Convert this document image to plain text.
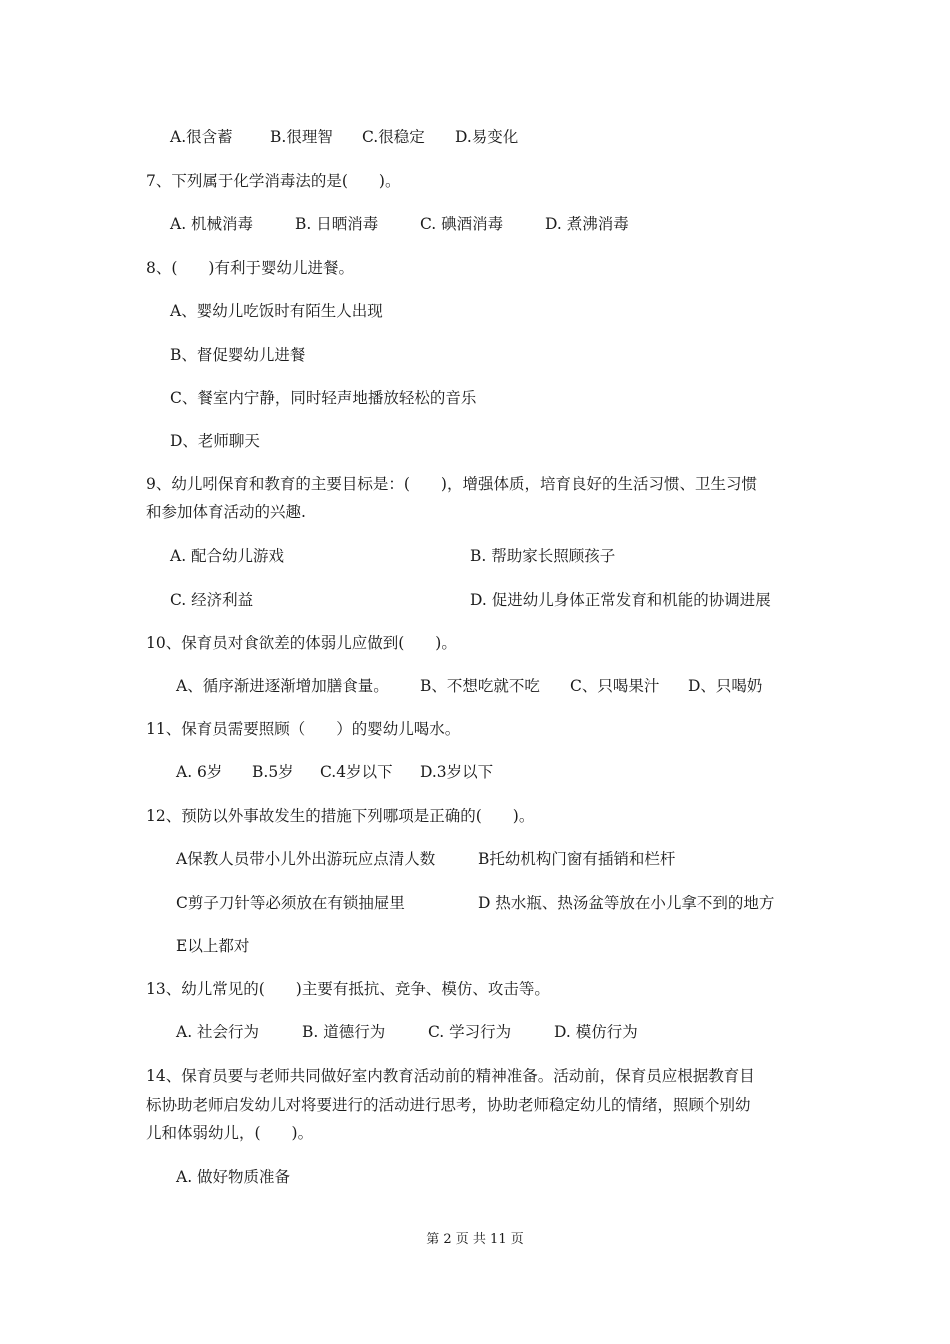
A.很含蓄 B.很理智 C.很稳定 D.易变化
7、下列属于化学消毒法的是(　　)。
A. 机械消毒	B. 日晒消毒	C. 碘酒消毒	D. 煮沸消毒
8、(　　)有利于婴幼儿进餐。
A、婴幼儿吃饭时有陌生人出现
B、督促婴幼儿进餐
C、餐室内宁静，同时轻声地播放轻松的音乐
D、老师聊天
9、幼儿吲保育和教育的主要目标是：(　　)，增强体质，培育良好的生活习惯、卫生习惯
和参加体育活动的兴趣.
A. 配合幼儿游戏	B. 帮助家长照顾孩子
C. 经济利益	D. 促进幼儿身体正常发育和机能的协调进展
10、保育员对食欲差的体弱儿应做到(　　)。
A、循序渐进逐渐增加膳食量。 B、不想吃就不吃 C、只喝果汁 D、只喝奶
11、保育员需要照顾（　　）的婴幼儿喝水。
A. 6岁 B.5岁 C.4岁以下 D.3岁以下
12、预防以外事故发生的措施下列哪项是正确的(　　)。
A保教人员带小儿外出游玩应点清人数	B托幼机构门窗有插销和栏杆
C剪子刀针等必须放在有锁抽屉里	D 热水瓶、热汤盆等放在小儿拿不到的地方
E以上都对
13、幼儿常见的(　　)主要有抵抗、竞争、模仿、攻击等。
A. 社会行为	B. 道德行为	C. 学习行为	D. 模仿行为
14、保育员要与老师共同做好室内教育活动前的精神准备。活动前，保育员应根据教育目
标协助老师启发幼儿对将要进行的活动进行思考，协助老师稳定幼儿的情绪，照顾个别幼
儿和体弱幼儿，(　　)。
A. 做好物质准备
第 2 页 共 11 页
